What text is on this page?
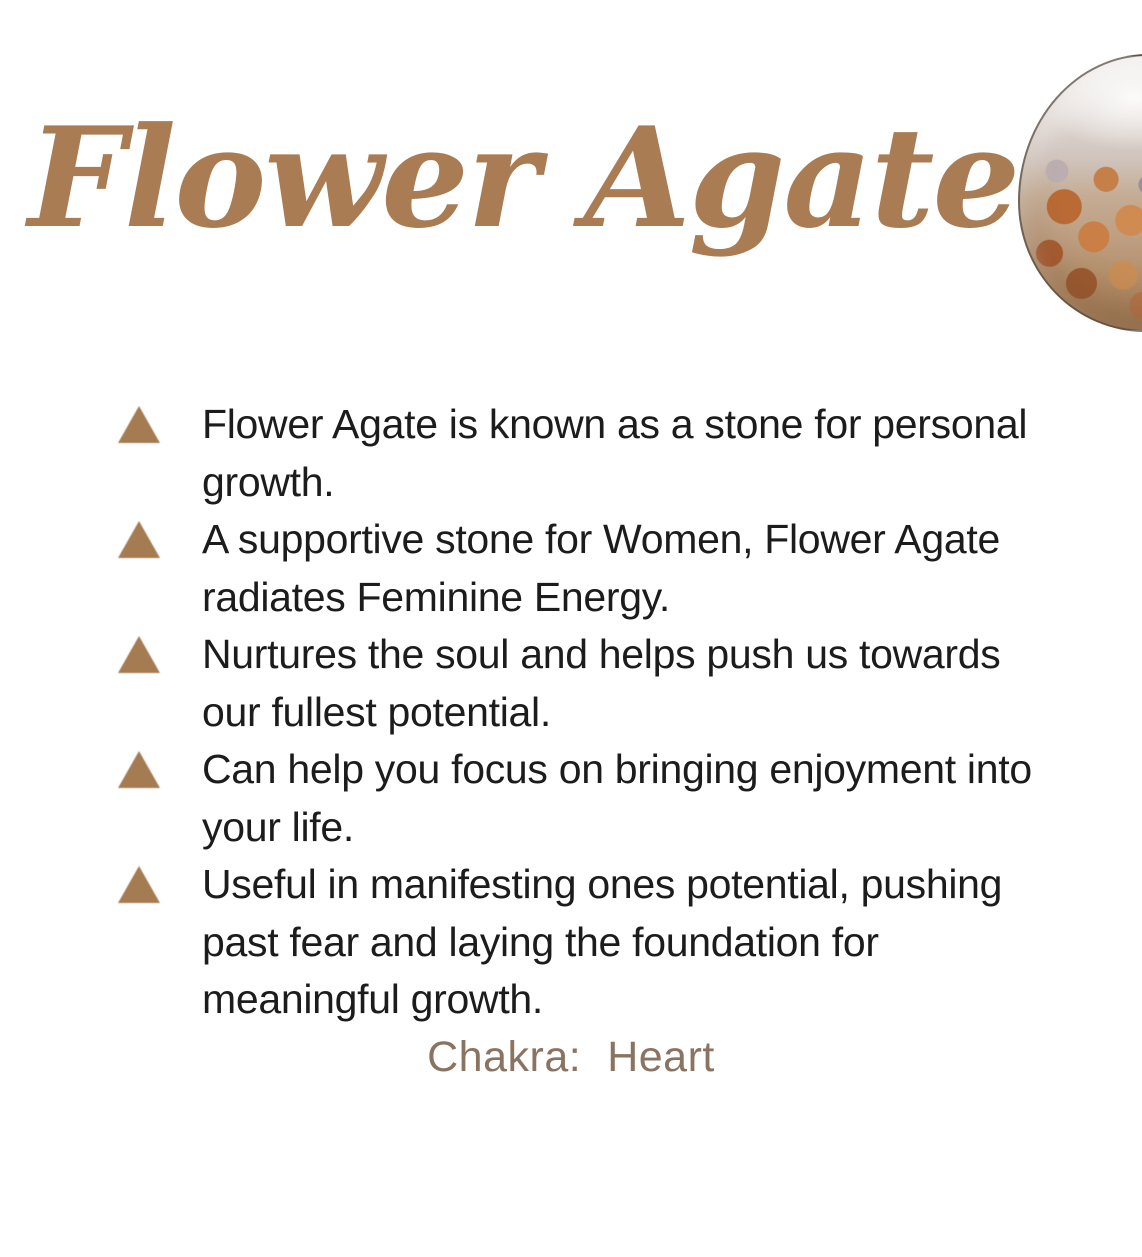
Flower Agate
Flower Agate is known as a stone for personal
growth.
A supportive stone for Women, Flower Agate
radiates Feminine Energy.
Nurtures the soul and helps push us towards
our fullest potential.
Can help you focus on bringing enjoyment into
your life.
Useful in manifesting ones potential, pushing
past fear and laying the foundation for
meaningful growth.
Chakra: Heart
